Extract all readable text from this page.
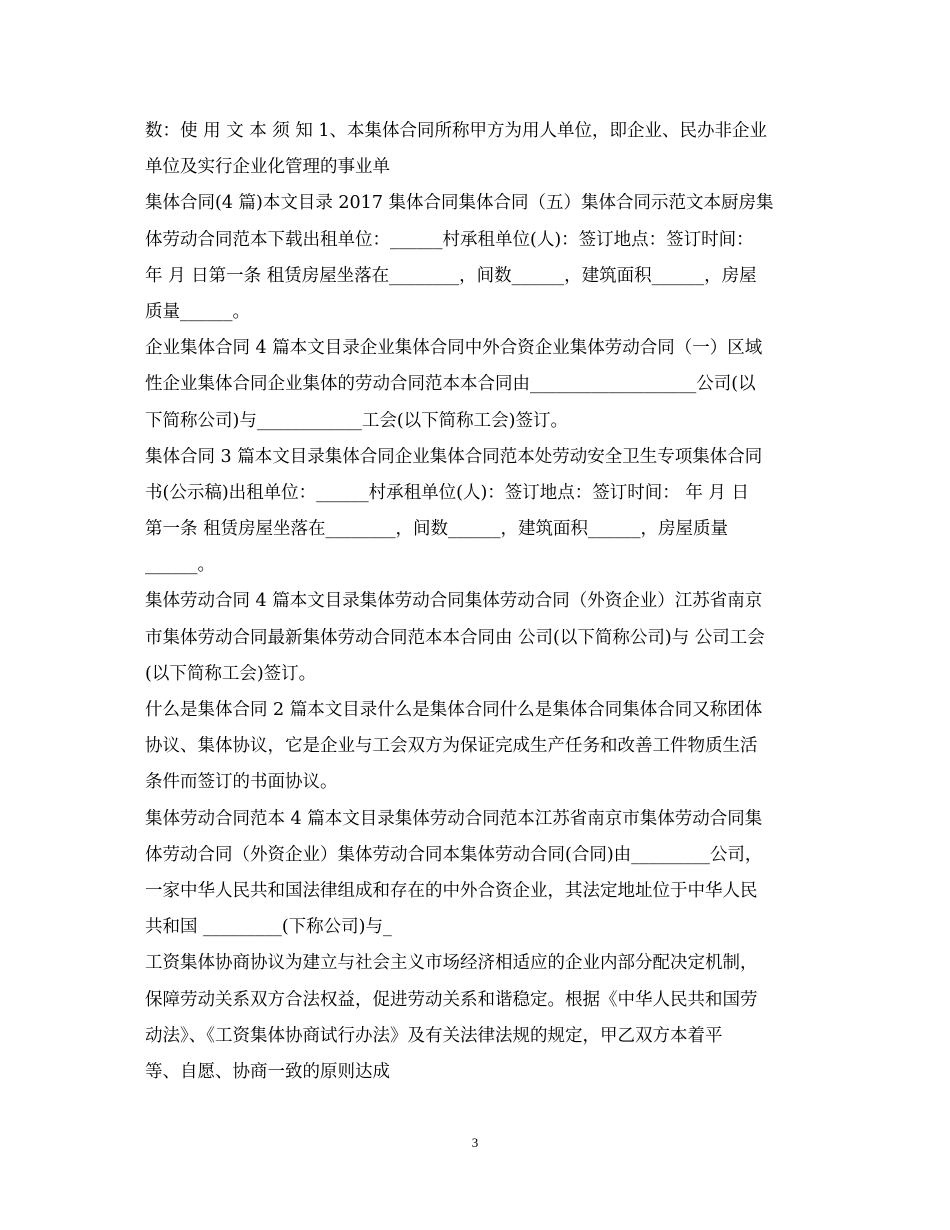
数：使 用 文 本 须 知 1、本集体合同所称甲方为用人单位，即企业、民办非企业
单位及实行企业化管理的事业单

集体合同(4 篇)本文目录 2017 集体合同集体合同（五）集体合同示范文本厨房集
体劳动合同范本下载出租单位：______村承租单位(人)：签订地点：签订时间：
年 月 日第一条 租赁房屋坐落在________，间数______，建筑面积______，房屋
质量______。

企业集体合同 4 篇本文目录企业集体合同中外合资企业集体劳动合同（一）区域
性企业集体合同企业集体的劳动合同范本本合同由___________________公司(以
下简称公司)与____________工会(以下简称工会)签订。

集体合同 3 篇本文目录集体合同企业集体合同范本处劳动安全卫生专项集体合同
书(公示稿)出租单位：______村承租单位(人)：签订地点：签订时间： 年 月 日
第一条 租赁房屋坐落在________，间数______，建筑面积______，房屋质量
______。

集体劳动合同 4 篇本文目录集体劳动合同集体劳动合同（外资企业）江苏省南京
市集体劳动合同最新集体劳动合同范本本合同由 公司(以下简称公司)与 公司工会
(以下简称工会)签订。

什么是集体合同 2 篇本文目录什么是集体合同什么是集体合同集体合同又称团体
协议、集体协议，它是企业与工会双方为保证完成生产任务和改善工件物质生活
条件而签订的书面协议。

集体劳动合同范本 4 篇本文目录集体劳动合同范本江苏省南京市集体劳动合同集
体劳动合同（外资企业）集体劳动合同本集体劳动合同(合同)由_________公司，
一家中华人民共和国法律组成和存在的中外合资企业，其法定地址位于中华人民
共和国 _________(下称公司)与_

工资集体协商协议为建立与社会主义市场经济相适应的企业内部分配决定机制，
保障劳动关系双方合法权益，促进劳动关系和谐稳定。根据《中华人民共和国劳
动法》、《工资集体协商试行办法》及有关法律法规的规定，甲乙双方本着平
等、自愿、协商一致的原则达成

3
